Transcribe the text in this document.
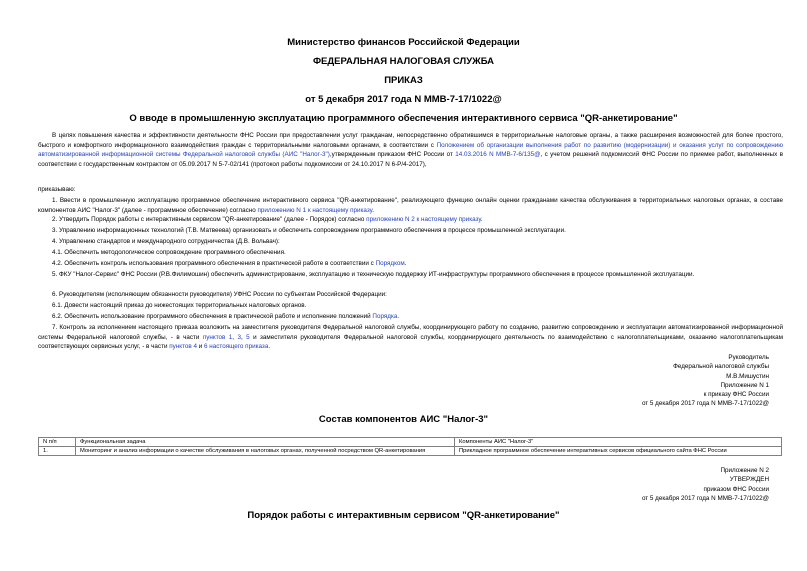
Министерство финансов Российской Федерации
ФЕДЕРАЛЬНАЯ НАЛОГОВАЯ СЛУЖБА
ПРИКАЗ
от 5 декабря 2017 года N ММВ-7-17/1022@
О вводе в промышленную эксплуатацию программного обеспечения интерактивного сервиса "QR-анкетирование"
В целях повышения качества и эффективности деятельности ФНС России при предоставлении услуг гражданам, непосредственно обратившимся в территориальные налоговые органы, а также расширения возможностей для более простого, быстрого и комфортного информационного взаимодействия граждан с территориальными налоговыми органами, в соответствии с Положением об организации выполнения работ по развитию (модернизации) и оказания услуг по сопровождению автоматизированной информационной системы Федеральной налоговой службы (АИС "Налог-3"),утвержденным приказом ФНС России от 14.03.2016 N ММВ-7-6/135@, с учетом решений подкомиссий ФНС России по приемке работ, выполненных в соответствии с государственным контрактом от 05.09.2017 N 5-7-02/141 (протокол работы подкомиссии от 24.10.2017 N 6-Р/4-2017),
приказываю:
1. Ввести в промышленную эксплуатацию программное обеспечение интерактивного сервиса "QR-анкетирование", реализующего функцию онлайн оценки гражданами качества обслуживания в территориальных налоговых органах, в составе компонентов АИС "Налог-3" (далее - программное обеспечение) согласно приложению N 1 к настоящему приказу.
2. Утвердить Порядок работы с интерактивным сервисом "QR-анкетирование" (далее - Порядок) согласно приложению N 2 к настоящему приказу.
3. Управлению информационных технологий (Т.В. Матвеева) организовать и обеспечить сопровождение программного обеспечения в процессе промышленной эксплуатации.
4. Управлению стандартов и международного сотрудничества (Д.В. Вольвач):
4.1. Обеспечить методологическое сопровождение программного обеспечения.
4.2. Обеспечить контроль использования программного обеспечения в практической работе в соответствии с Порядком.
5. ФКУ "Налог-Сервис" ФНС России (Р.В.Филимошин) обеспечить администрирование, эксплуатацию и техническую поддержку ИТ-инфраструктуры программного обеспечения в процессе промышленной эксплуатации.
6. Руководителям (исполняющим обязанности руководителя) УФНС России по субъектам Российской Федерации:
6.1. Довести настоящий приказ до нижестоящих территориальных налоговых органов.
6.2. Обеспечить использование программного обеспечения в практической работе и исполнение положений Порядка.
7. Контроль за исполнением настоящего приказа возложить на заместителя руководителя Федеральной налоговой службы, координирующего работу по созданию, развитию сопровождению и эксплуатации автоматизированной информационной системы Федеральной налоговой службы, - в части пунктов 1, 3, 5 и заместителя руководителя Федеральной налоговой службы, координирующего деятельность по взаимодействию с налогоплательщиками, оказанию налогоплательщикам соответствующих сервисных услуг, - в части пунктов 4 и 6 настоящего приказа.
Руководитель
Федеральной налоговой службы
М.В.Мишустин
Приложение N 1
к приказу ФНС России
от 5 декабря 2017 года N ММВ-7-17/1022@
Состав компонентов АИС "Налог-3"
N п/п	Функциональная задача	Компоненты АИС "Налог-3"
1.	Мониторинг и анализ информации о качестве обслуживания в налоговых органах, полученной посредством QR-анкетирования	Прикладное программное обеспечение интерактивных сервисов официального сайта ФНС России
Приложение N 2
УТВЕРЖДЕН
приказом ФНС России
от 5 декабря 2017 года N ММВ-7-17/1022@
Порядок работы с интерактивным сервисом "QR-анкетирование"
